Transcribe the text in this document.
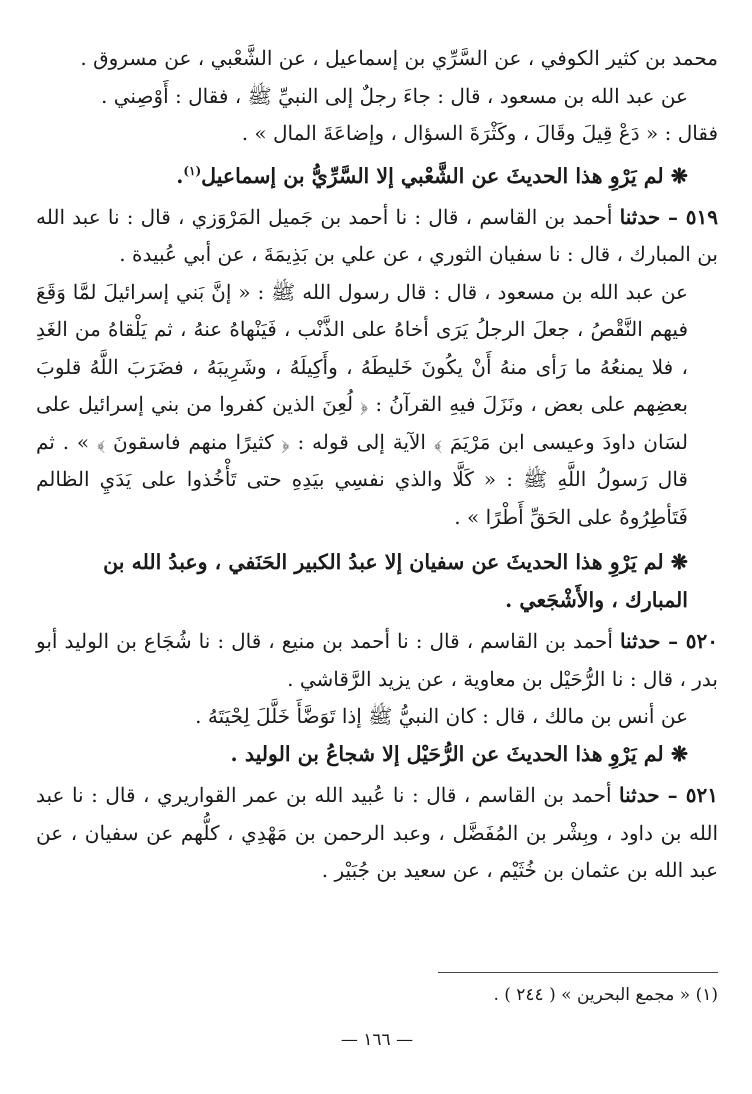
محمد بن كثير الكوفي ، عن السَّرِّي بن إسماعيل ، عن الشَّعْبي ، عن مسروق .

عن عبد الله بن مسعود ، قال : جاءَ رجلٌ إلى النبيِّ ﷺ ، فقال : أَوْصِني .

فقال : « دَعْ قِيلَ وقَالَ ، وكَثْرَةَ السؤال ، وإضاعَةَ المال » .

❋ لم يَرْوِ هذا الحديثَ عن الشَّعْبي إلا السَّرِّيُّ بن إسماعيل$^{(١)}$.

٥١٩ – حدثنا أحمد بن القاسم ، قال : نا أحمد بن جَميل المَرْوَزي ، قال : نا عبد الله بن المبارك ، قال : نا سفيان الثوري ، عن علي بن بَذِيمَةَ ، عن أبي عُبيدة .

عن عبد الله بن مسعود ، قال : قال رسول الله ﷺ : « إنَّ بَني إسرائيلَ لمَّا وَقَعَ فيهم النَّقْصُ ، جعلَ الرجلُ يَرَى أخاهُ على الذَّنْب ، فَيَنْهاهُ عنهُ ، ثم يَلْقاهُ من الغَدِ ، فلا يمنعُهُ ما رَأى منهُ أَنْ يكُونَ خَليطَهُ ، وأَكِيلَهُ ، وشَرِيبَهُ ، فضَرَبَ اللَّهُ قلوبَ بعضِهم على بعض ، ونَزَلَ فيهِ القرآنُ : ﴿ لُعِنَ الذين كفروا من بني إسرائيل على لسَان داودَ وعيسى ابن مَرْيَمَ ﴾ الآية إلى قوله : ﴿ كثيرًا منهم فاسقونَ ﴾ » . ثم قال رَسولُ اللَّهِ ﷺ : « كَلَّا والذي نفسِي بيَدِهِ حتى تَأْخُذوا على يَدَيِ الظالم فَتَأطِرُوهُ على الحَقِّ أَطْرًا » .

❋ لم يَرْوِ هذا الحديثَ عن سفيان إلا عبدُ الكبير الحَنَفي ، وعبدُ الله بن المبارك ، والأَشْجَعي .

٥٢٠ – حدثنا أحمد بن القاسم ، قال : نا أحمد بن منيع ، قال : نا شُجَاع بن الوليد أبو بدر ، قال : نا الرُّحَيْل بن معاوية ، عن يزيد الرَّقاشي .

عن أنس بن مالك ، قال : كان النبيُّ ﷺ إذا تَوَضَّأَ خَلَّلَ لِحْيَتَهُ .

❋ لم يَرْوِ هذا الحديثَ عن الرُّحَيْل إلا شجاعُ بن الوليد .

٥٢١ – حدثنا أحمد بن القاسم ، قال : نا عُبيد الله بن عمر القواريري ، قال : نا عبد الله بن داود ، وبِشْر بن المُفَضَّل ، وعبد الرحمن بن مَهْدِي ، كلُّهم عن سفيان ، عن عبد الله بن عثمان بن خُثَيْم ، عن سعيد بن جُبَيْر .

(١) « مجمع البحرين » ( ٢٤٤ ) .

— ١٦٦ —
